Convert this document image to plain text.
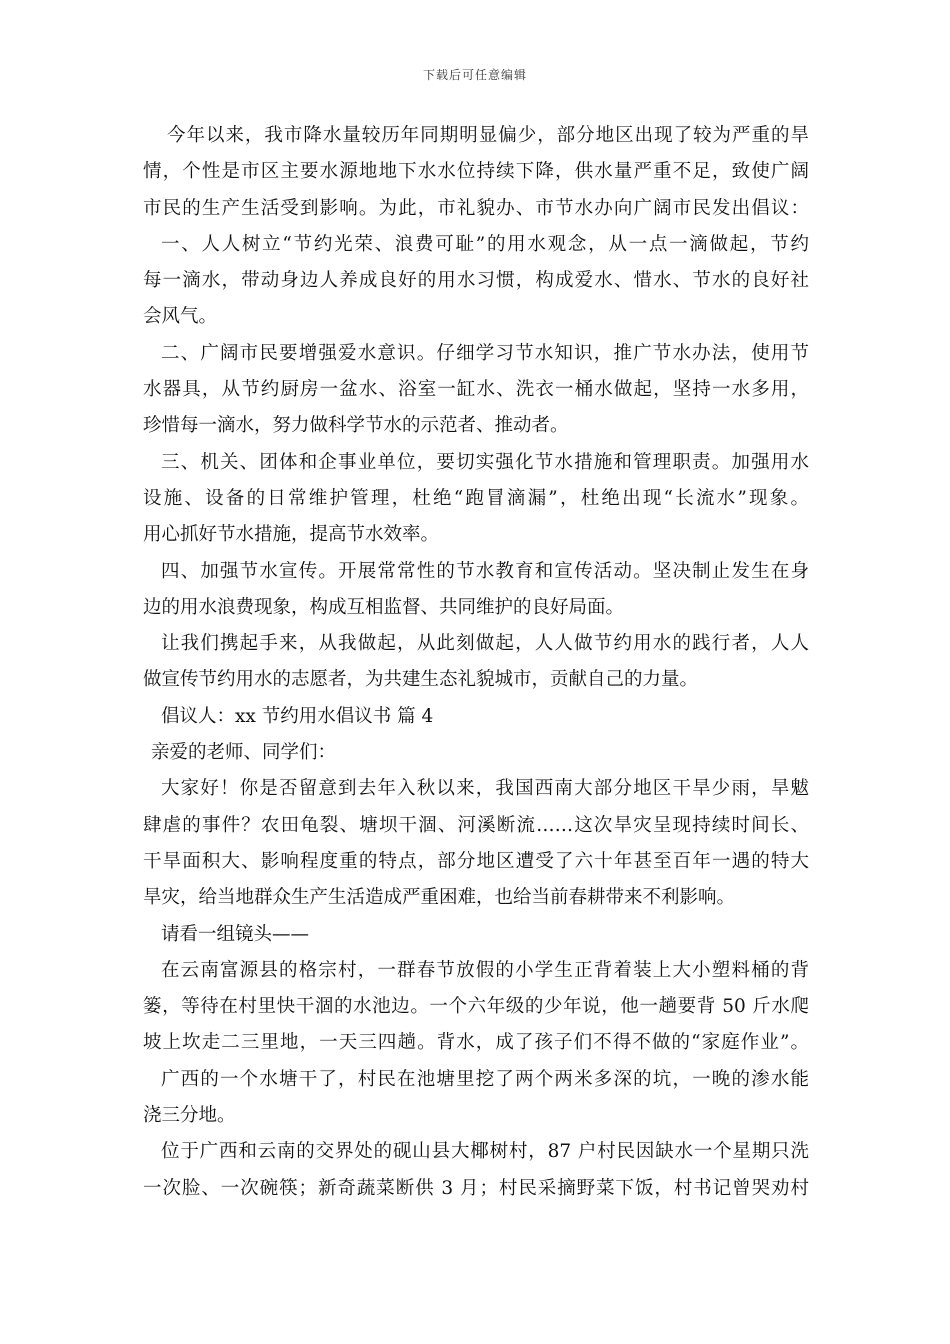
下载后可任意编辑
今年以来，我市降水量较历年同期明显偏少，部分地区出现了较为严重的旱
情，个性是市区主要水源地地下水水位持续下降，供水量严重不足，致使广阔
市民的生产生活受到影响。为此，市礼貌办、市节水办向广阔市民发出倡议：
一、人人树立“节约光荣、浪费可耻”的用水观念，从一点一滴做起，节约
每一滴水，带动身边人养成良好的用水习惯，构成爱水、惜水、节水的良好社
会风气。
二、广阔市民要增强爱水意识。仔细学习节水知识，推广节水办法，使用节
水器具，从节约厨房一盆水、浴室一缸水、洗衣一桶水做起，坚持一水多用，
珍惜每一滴水，努力做科学节水的示范者、推动者。
三、机关、团体和企事业单位，要切实强化节水措施和管理职责。加强用水
设施、设备的日常维护管理，杜绝“跑冒滴漏”，杜绝出现“长流水”现象。
用心抓好节水措施，提高节水效率。
四、加强节水宣传。开展常常性的节水教育和宣传活动。坚决制止发生在身
边的用水浪费现象，构成互相监督、共同维护的良好局面。
让我们携起手来，从我做起，从此刻做起，人人做节约用水的践行者，人人
做宣传节约用水的志愿者，为共建生态礼貌城市，贡献自己的力量。
倡议人：xx 节约用水倡议书 篇 4
亲爱的老师、同学们：
大家好！你是否留意到去年入秋以来，我国西南大部分地区干旱少雨，旱魃
肆虐的事件？农田龟裂、塘坝干涸、河溪断流……这次旱灾呈现持续时间长、
干旱面积大、影响程度重的特点，部分地区遭受了六十年甚至百年一遇的特大
旱灾，给当地群众生产生活造成严重困难，也给当前春耕带来不利影响。
请看一组镜头——
在云南富源县的格宗村，一群春节放假的小学生正背着装上大小塑料桶的背
篓，等待在村里快干涸的水池边。一个六年级的少年说，他一趟要背 50 斤水爬
坡上坎走二三里地，一天三四趟。背水，成了孩子们不得不做的“家庭作业”。
广西的一个水塘干了，村民在池塘里挖了两个两米多深的坑，一晚的渗水能
浇三分地。
位于广西和云南的交界处的砚山县大椰树村，87 户村民因缺水一个星期只洗
一次脸、一次碗筷；新奇蔬菜断供 3 月；村民采摘野菜下饭，村书记曾哭劝村
